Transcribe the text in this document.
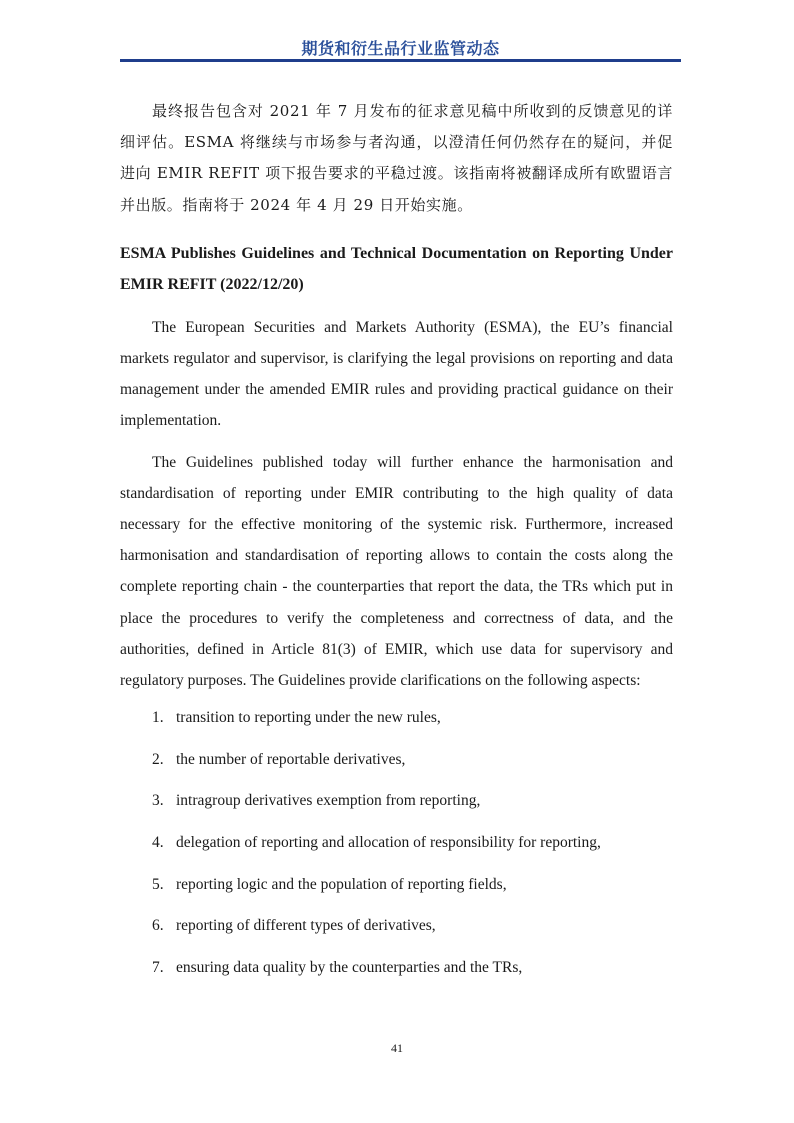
期货和衍生品行业监管动态

最终报告包含对 2021 年 7 月发布的征求意见稿中所收到的反馈意见的详细评估。ESMA 将继续与市场参与者沟通，以澄清任何仍然存在的疑问，并促进向 EMIR REFIT 项下报告要求的平稳过渡。该指南将被翻译成所有欧盟语言并出版。指南将于 2024 年 4 月 29 日开始实施。

ESMA Publishes Guidelines and Technical Documentation on Reporting Under EMIR REFIT (2022/12/20)

The European Securities and Markets Authority (ESMA), the EU’s financial markets regulator and supervisor, is clarifying the legal provisions on reporting and data management under the amended EMIR rules and providing practical guidance on their implementation.

The Guidelines published today will further enhance the harmonisation and standardisation of reporting under EMIR contributing to the high quality of data necessary for the effective monitoring of the systemic risk. Furthermore, increased harmonisation and standardisation of reporting allows to contain the costs along the complete reporting chain - the counterparties that report the data, the TRs which put in place the procedures to verify the completeness and correctness of data, and the authorities, defined in Article 81(3) of EMIR, which use data for supervisory and regulatory purposes. The Guidelines provide clarifications on the following aspects:

1. transition to reporting under the new rules,
2. the number of reportable derivatives,
3. intragroup derivatives exemption from reporting,
4. delegation of reporting and allocation of responsibility for reporting,
5. reporting logic and the population of reporting fields,
6. reporting of different types of derivatives,
7. ensuring data quality by the counterparties and the TRs,
41
